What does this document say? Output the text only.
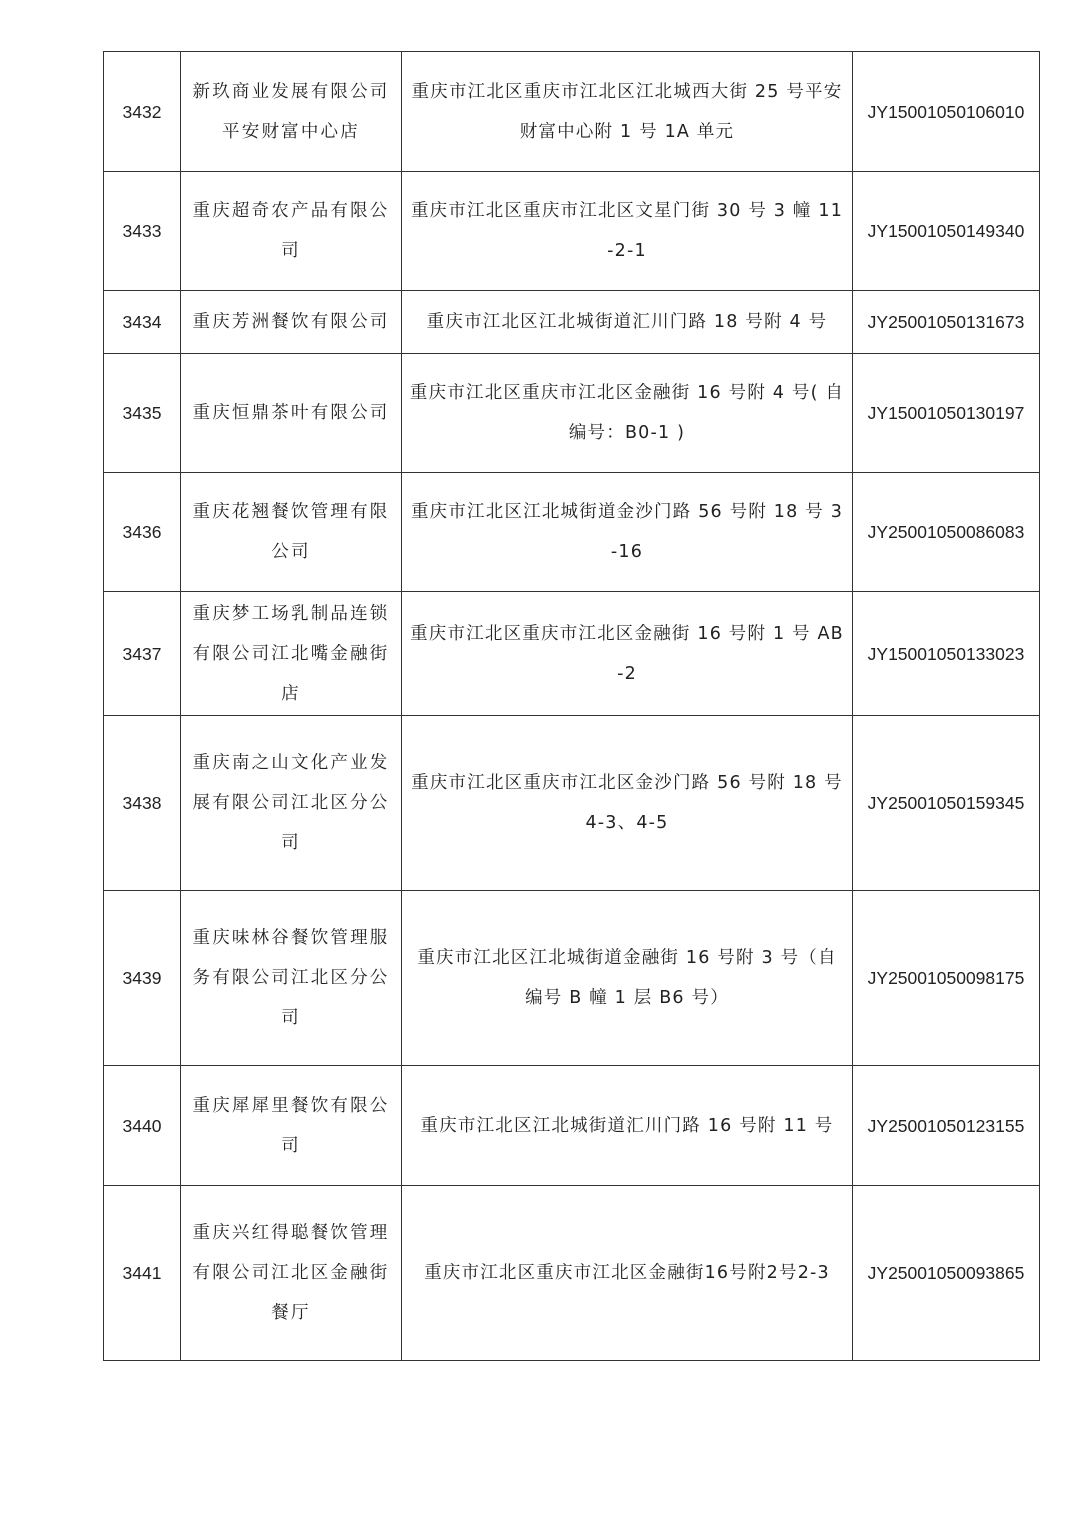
3432	新玖商业发展有限公司平安财富中心店	重庆市江北区重庆市江北区江北城西大街 25 号平安财富中心附 1 号 1A 单元	JY15001050106010
3433	重庆超奇农产品有限公司	重庆市江北区重庆市江北区文星门街 30 号 3 幢 11-2-1	JY15001050149340
3434	重庆芳洲餐饮有限公司	重庆市江北区江北城街道汇川门路 18 号附 4 号	JY25001050131673
3435	重庆恒鼎茶叶有限公司	重庆市江北区重庆市江北区金融街 16 号附 4 号( 自编号：B0-1 )	JY15001050130197
3436	重庆花翘餐饮管理有限公司	重庆市江北区江北城街道金沙门路 56 号附 18 号 3-16	JY25001050086083
3437	重庆梦工场乳制品连锁有限公司江北嘴金融街店	重庆市江北区重庆市江北区金融街 16 号附 1 号 AB-2	JY15001050133023
3438	重庆南之山文化产业发展有限公司江北区分公司	重庆市江北区重庆市江北区金沙门路 56 号附 18 号 4-3、4-5	JY25001050159345
3439	重庆味林谷餐饮管理服务有限公司江北区分公司	重庆市江北区江北城街道金融街 16 号附 3 号（自编号 B 幢 1 层 B6 号）	JY25001050098175
3440	重庆犀犀里餐饮有限公司	重庆市江北区江北城街道汇川门路 16 号附 11 号	JY25001050123155
3441	重庆兴红得聪餐饮管理有限公司江北区金融街餐厅	重庆市江北区重庆市江北区金融街16号附2号2-3	JY25001050093865
